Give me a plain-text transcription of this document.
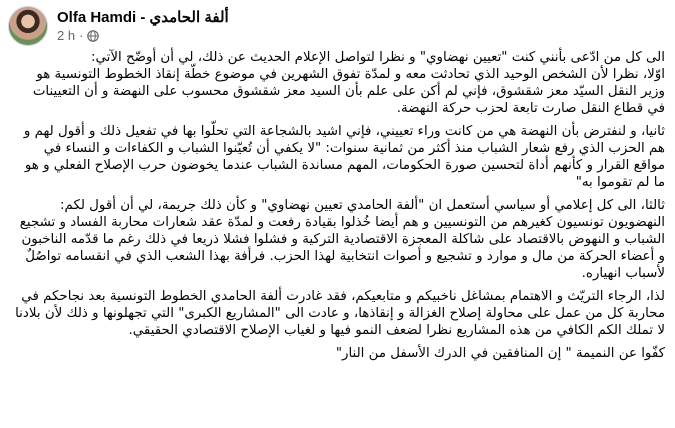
Olfa Hamdi - ألفة الحامدي
2 h ·

الى كل من ادّعى بأنني كنت "تعيين نهضاوي" و نظرا لتواصل الإعلام الحديث عن ذلك، لي أن أوضّح الآتي:
اوّلا، نظرا لأن الشخص الوحيد الذي تحادثت معه و لمدّة تفوق الشهرين في موضوع خطّة إنقاذ الخطوط التونسية هو وزير النقل السيّد معز شقشوق، فإني لم أكن على علم بأن السيد معز شقشوق محسوب على النهضة و أن التعيينات في قطاع النقل صارت تابعة لحزب حركة النهضة.

ثانيا، و لنفترض بأن النهضة هي من كانت وراء تعييني، فإني اشيد بالشجاعة التي تحلّوا بها في تفعيل ذلك و أقول لهم و هم الحزب الذي رفع شعار الشباب منذ أكثر من ثمانية سنوات: "لا يكفي أن تُعيّنوا الشباب و الكفاءات و النساء في مواقع القرار و كأنهم أداة لتحسين صورة الحكومات، المهم مساندة الشباب عندما يخوضون حرب الإصلاح الفعلي و هو ما لم تقوموا به"

ثالثا، الى كل إعلامي أو سياسي أستعمل ان "ألفة الحامدي تعيين نهضاوي" و كأن ذلك جريمة، لي أن أقول لكم: النهضويون تونسيون كغيرهم من التونسيين و هم أيضا خُذلوا بقيادة رفعت و لمدّة عقد شعارات محاربة الفساد و تشجيع الشباب و النهوض بالاقتصاد على شاكلة المعجزة الاقتصادية التركية و فشلوا فشلا ذريعا في ذلك رغم ما قدّمه الناخبون و أعضاء الحركة من مال و موارد و تشجيع و أصوات انتخابية لهذا الحزب. فرأفة بهذا الشعب الذي في انقسامه تواصُلٌ لأسباب انهياره.

لذا، الرجاء التريّث و الاهتمام بمشاغل ناخبيكم و متابعيكم، فقد غادرت ألفة الحامدي الخطوط التونسية بعد نجاحكم في محاربة كل من عمل على محاولة إصلاح الغزالة و إنقاذها، و عادت الى "المشاريع الكبرى" التي تجهلونها و ذلك لأن بلادنا لا تملك الكم الكافي من هذه المشاريع نظرا لضعف النمو فيها و لغياب الإصلاح الاقتصادي الحقيقي.

كفّوا عن النميمة " إن المنافقين في الدرك الأسفل من النار"
